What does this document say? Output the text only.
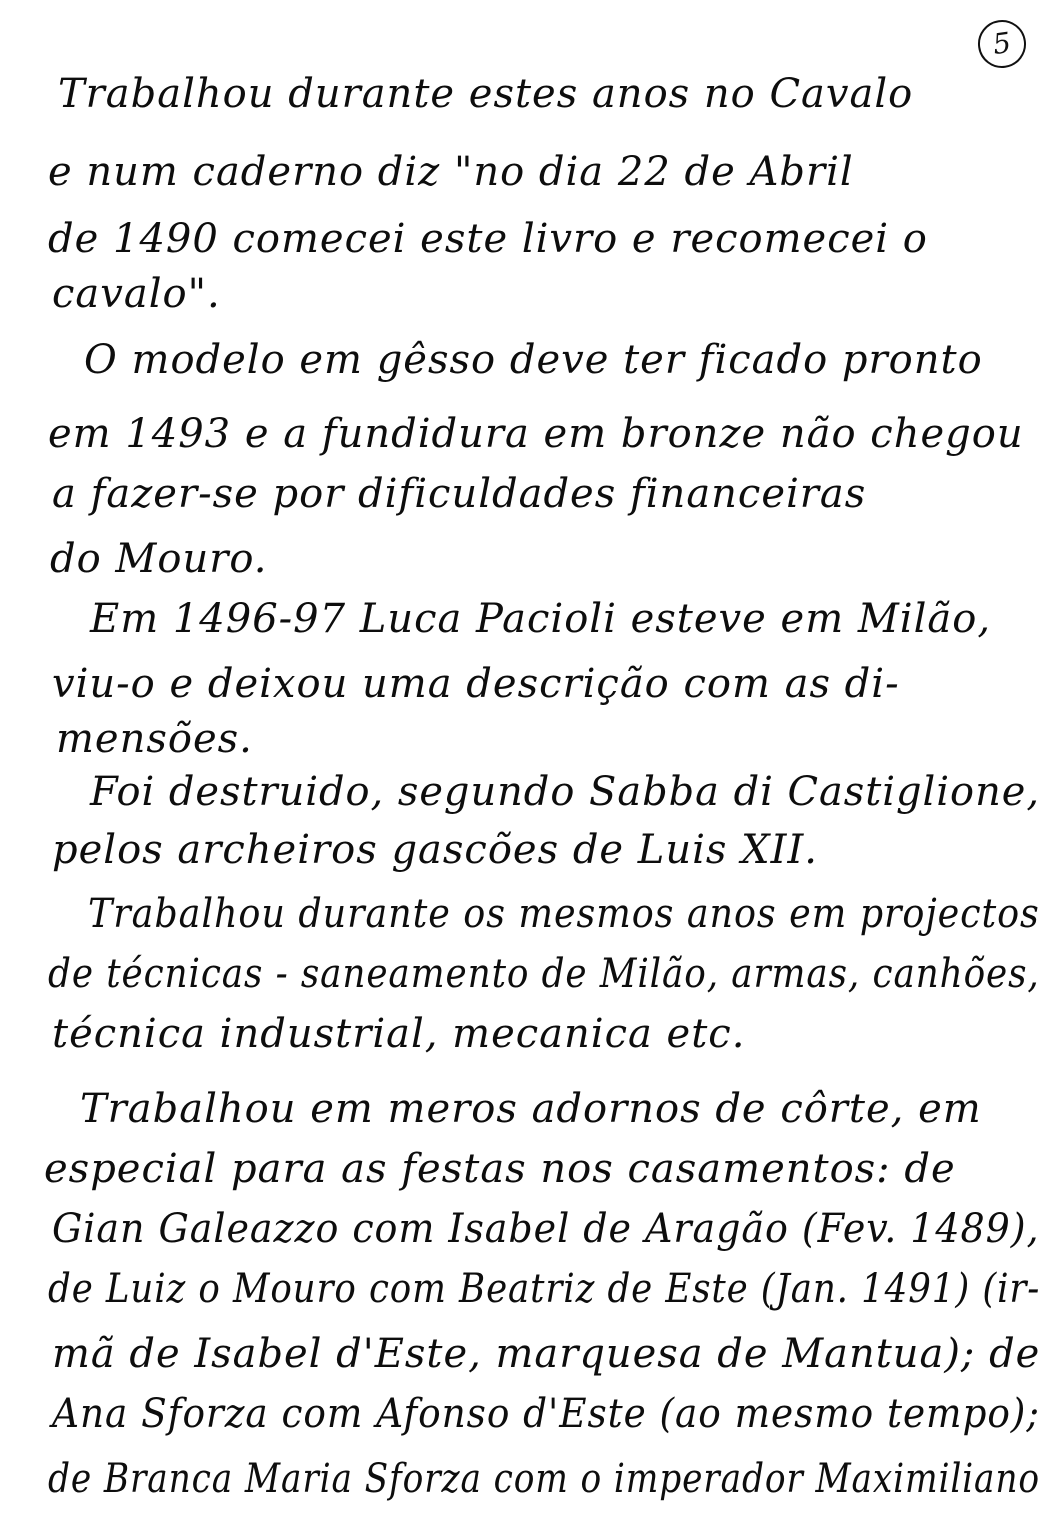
5
Trabalhou durante estes anos no Cavalo
e num caderno diz "no dia 22 de Abril
de 1490 comecei este livro e recomecei o
cavalo".
O modelo em gêsso deve ter ficado pronto
em 1493 e a fundidura em bronze não chegou
a fazer-se por dificuldades financeiras
do Mouro.
Em 1496-97 Luca Pacioli esteve em Milão,
viu-o e deixou uma descrição com as di-
mensões.
Foi destruido, segundo Sabba di Castiglione,
pelos archeiros gascões de Luis XII.
Trabalhou durante os mesmos anos em projectos
de técnicas - saneamento de Milão, armas, canhões,
técnica industrial, mecanica etc.
Trabalhou em meros adornos de côrte, em
especial para as festas nos casamentos: de
Gian Galeazzo com Isabel de Aragão (Fev. 1489),
de Luiz o Mouro com Beatriz de Este (Jan. 1491) (ir-
mã de Isabel d'Este, marquesa de Mantua); de
Ana Sforza com Afonso d'Este (ao mesmo tempo);
de Branca Maria Sforza com o imperador Maximiliano
